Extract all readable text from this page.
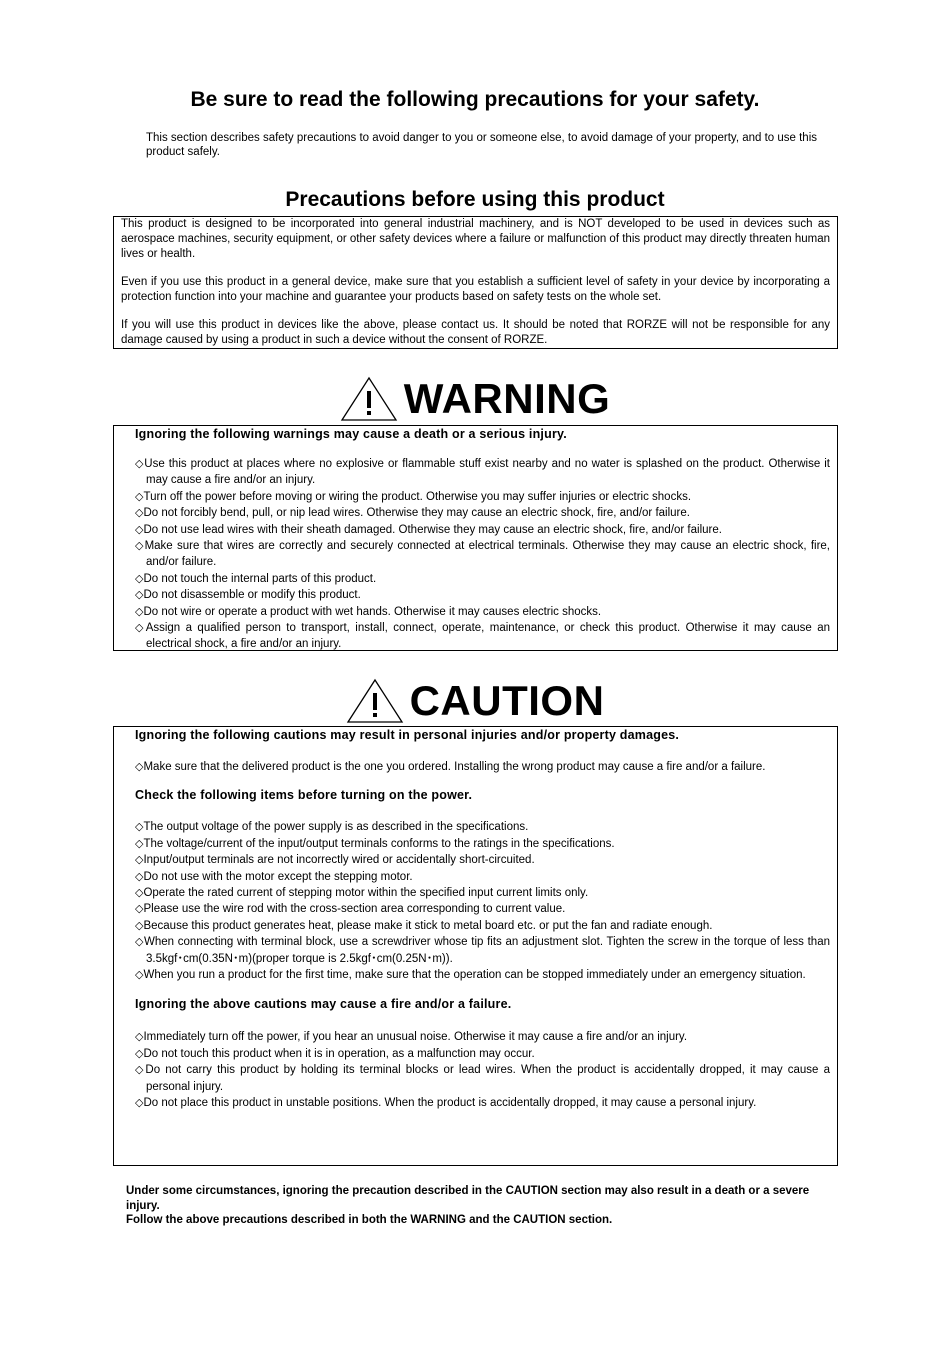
Be sure to read the following precautions for your safety.

This section describes safety precautions to avoid danger to you or someone else, to avoid damage of your property, and to use this product safely.

Precautions before using this product

This product is designed to be incorporated into general industrial machinery, and is NOT developed to be used in devices such as aerospace machines, security equipment, or other safety devices where a failure or malfunction of this product may directly threaten human lives or health.

Even if you use this product in a general device, make sure that you establish a sufficient level of safety in your device by incorporating a protection function into your machine and guarantee your products based on safety tests on the whole set.

If you will use this product in devices like the above, please contact us. It should be noted that RORZE will not be responsible for any damage caused by using a product in such a device without the consent of RORZE.

WARNING

Ignoring the following warnings may cause a death or a serious injury.

◇Use this product at places where no explosive or flammable stuff exist nearby and no water is splashed on the product. Otherwise it may cause a fire and/or an injury.
◇Turn off the power before moving or wiring the product. Otherwise you may suffer injuries or electric shocks.
◇Do not forcibly bend, pull, or nip lead wires. Otherwise they may cause an electric shock, fire, and/or failure.
◇Do not use lead wires with their sheath damaged. Otherwise they may cause an electric shock, fire, and/or failure.
◇Make sure that wires are correctly and securely connected at electrical terminals. Otherwise they may cause an electric shock, fire, and/or failure.
◇Do not touch the internal parts of this product.
◇Do not disassemble or modify this product.
◇Do not wire or operate a product with wet hands. Otherwise it may causes electric shocks.
◇Assign a qualified person to transport, install, connect, operate, maintenance, or check this product. Otherwise it may cause an electrical shock, a fire and/or an injury.
CAUTION

Ignoring the following cautions may result in personal injuries and/or property damages.

◇Make sure that the delivered product is the one you ordered. Installing the wrong product may cause a fire and/or a failure.

Check the following items before turning on the power.

◇The output voltage of the power supply is as described in the specifications.
◇The voltage/current of the input/output terminals conforms to the ratings in the specifications.
◇Input/output terminals are not incorrectly wired or accidentally short-circuited.
◇Do not use with the motor except the stepping motor.
◇Operate the rated current of stepping motor within the specified input current limits only.
◇Please use the wire rod with the cross-section area corresponding to current value.
◇Because this product generates heat, please make it stick to metal board etc. or put the fan and radiate enough.
◇When connecting with terminal block, use a screwdriver whose tip fits an adjustment slot. Tighten the screw in the torque of less than 3.5kgf･cm(0.35N･m)(proper torque is 2.5kgf･cm(0.25N･m)).
◇When you run a product for the first time, make sure that the operation can be stopped immediately under an emergency situation.

Ignoring the above cautions may cause a fire and/or a failure.

◇Immediately turn off the power, if you hear an unusual noise. Otherwise it may cause a fire and/or an injury.
◇Do not touch this product when it is in operation, as a malfunction may occur.
◇Do not carry this product by holding its terminal blocks or lead wires. When the product is accidentally dropped, it may cause a personal injury.
◇Do not place this product in unstable positions. When the product is accidentally dropped, it may cause a personal injury.

Under some circumstances, ignoring the precaution described in the CAUTION section may also result in a death or a severe injury.

Follow the above precautions described in both the WARNING and the CAUTION section.
